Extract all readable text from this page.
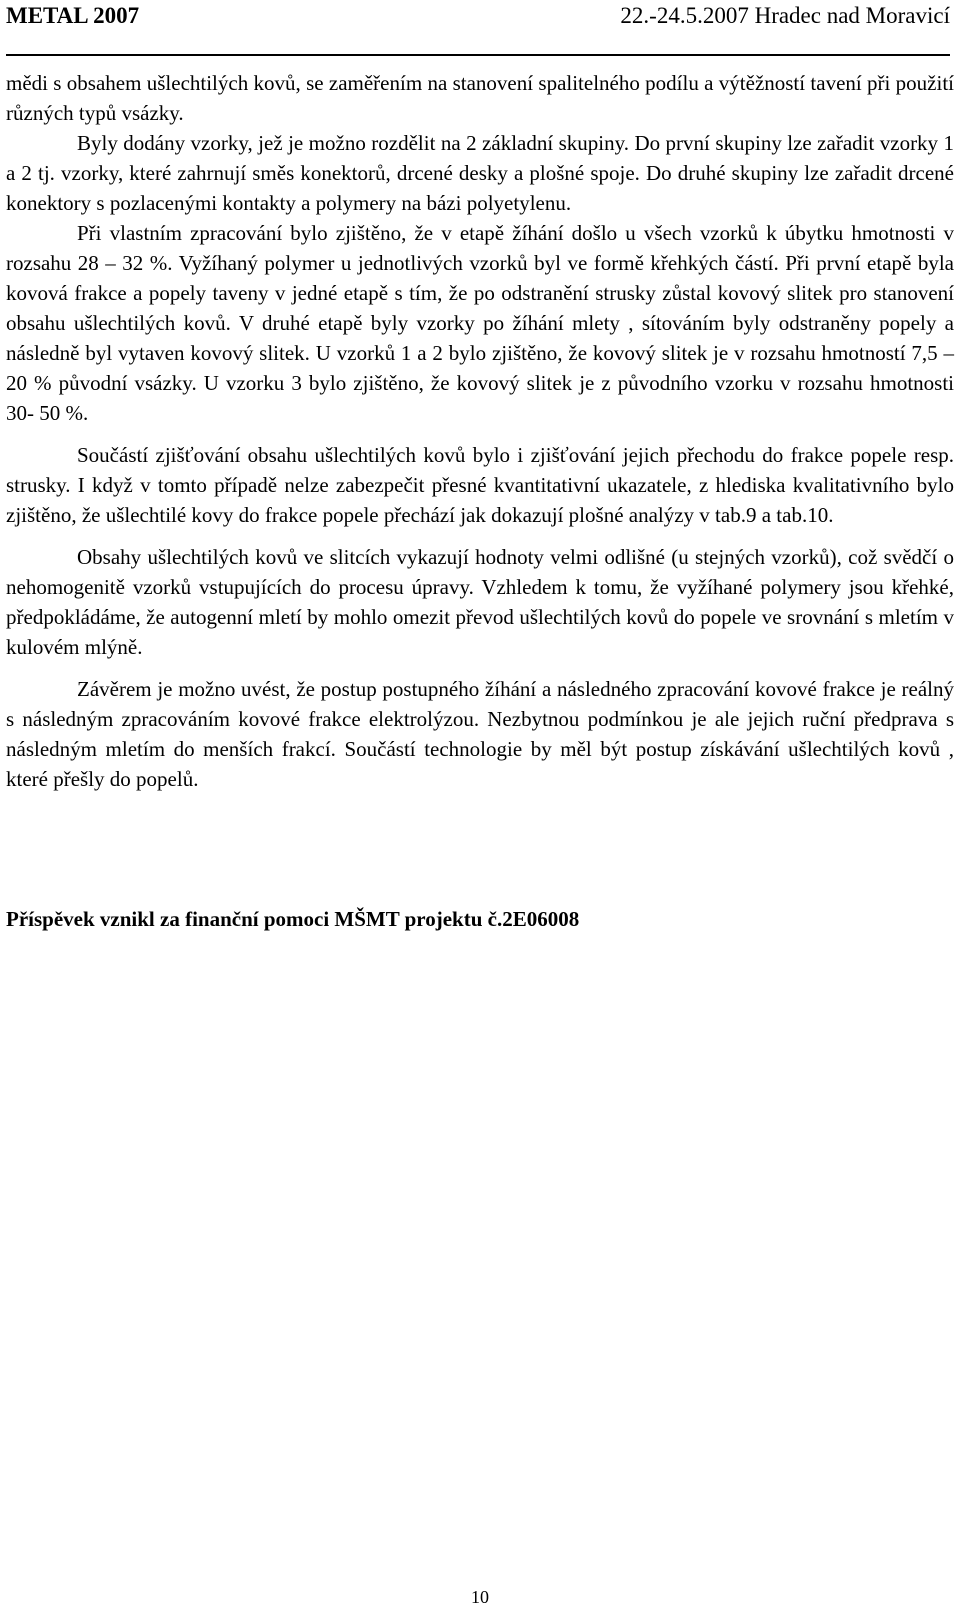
METAL 2007	22.-24.5.2007 Hradec nad Moravicí

mědi s obsahem ušlechtilých kovů, se zaměřením na stanovení spalitelného podílu a výtěžností tavení při použití různých typů vsázky.

Byly dodány vzorky, jež je možno rozdělit na 2 základní skupiny. Do první skupiny lze zařadit vzorky 1 a 2 tj. vzorky, které zahrnují směs konektorů, drcené desky a plošné spoje. Do druhé skupiny lze zařadit drcené konektory s pozlacenými kontakty a polymery na bázi polyetylenu.

Při vlastním zpracování bylo zjištěno, že v etapě žíhání došlo u všech vzorků k úbytku hmotnosti v rozsahu 28 – 32 %. Vyžíhaný polymer u jednotlivých vzorků byl ve formě křehkých částí. Při první etapě byla kovová frakce a popely taveny v jedné etapě s tím, že po odstranění strusky zůstal kovový slitek pro stanovení obsahu ušlechtilých kovů. V druhé etapě byly vzorky po žíhání mlety , sítováním byly odstraněny popely a následně byl vytaven kovový slitek. U vzorků 1 a 2 bylo zjištěno, že kovový slitek je v rozsahu hmotností 7,5 – 20 % původní vsázky. U vzorku 3 bylo zjištěno, že kovový slitek je z původního vzorku v rozsahu hmotnosti 30- 50 %.

Součástí zjišťování obsahu ušlechtilých kovů bylo i zjišťování jejich přechodu do frakce popele resp. strusky. I když v tomto případě nelze zabezpečit přesné kvantitativní ukazatele, z hlediska kvalitativního bylo zjištěno, že ušlechtilé kovy do frakce popele přechází jak dokazují plošné analýzy v tab.9 a tab.10.

Obsahy ušlechtilých kovů ve slitcích vykazují hodnoty velmi odlišné (u stejných vzorků), což svědčí o nehomogenitě vzorků vstupujících do procesu úpravy. Vzhledem k tomu, že vyžíhané polymery jsou křehké, předpokládáme, že autogenní mletí by mohlo omezit převod ušlechtilých kovů do popele ve srovnání s mletím v kulovém mlýně.

Závěrem je možno uvést, že postup postupného žíhání a následného zpracování kovové frakce je reálný s následným zpracováním kovové frakce elektrolýzou. Nezbytnou podmínkou je ale jejich ruční předprava s následným mletím do menších frakcí. Součástí technologie by měl být postup získávání ušlechtilých kovů , které přešly do popelů.

Příspěvek vznikl za finanční pomoci MŠMT projektu č.2E06008
10
